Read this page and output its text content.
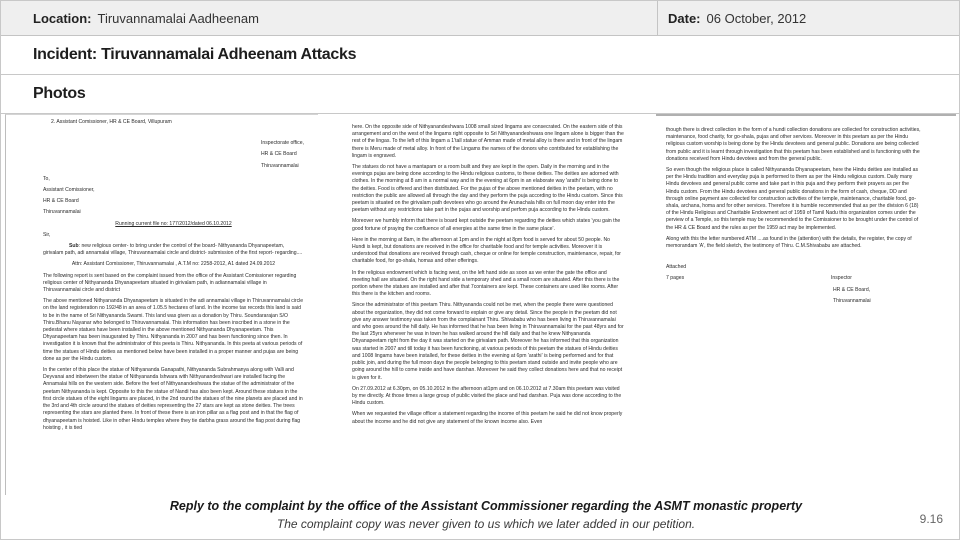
Location: Tiruvannamalai Aadheenam	Date: 06 October, 2012
Incident: Tiruvannamalai Adheenam Attacks
Photos

2. Assistant Comissioner, HR & CE Board, Villupuram

Inspectorate office,

HR & CE Board

Thiruvannamalai

To,

Assistant Comissioner,

HR & CE Board

Thiruvannamalai

Running current file no: 177/2012/dated 06.10.2012

Sir,

Sub: new religious center- to bring under the control of the board- Nithyananda Dhyanapeetam, girivalam path, adi annamalai village, Thiruvannamalai circle and district- submission of the first report- regarding....

Attn: Assistant Comissioner, Thiruvannamalai , A.T.M no: 2258-2012, A1 dated 24.09.2012

The following report is sent based on the complaint issued from the office of the Assistant Comissioner regarding religious center of Nithyananda Dhyanapeetam situated in girivalam path, in adiannamalai village in Thiruvannamalai circle and district

The above mentioned Nithyananda Dhyanapeetam is situated in the adi annamalai village in Thiruvannamalai circle on the land registeration no 192/48 in an area of 1.05.5 hectares of land. In the income tax records this land is said to be in the name of Sri Nithyananda Swami. This land was given as a donation by Thiru. Soundararajan S/O Thiru.Bhanu Nayanar who belonged to Thiruvannamalai. This information has been inscribed in a stone in the pedestal where statues have been installed in the above mentioned Nithyananda Dhyanapeetam. This Dhyanapeetam has been inaugurated by Thiru. Nithyananda in 2007 and has been functioning since then. In investigation it is known that the administrator of this peeta is Thiru. Nithyananda. In this peeta at various periods of time the statues of Hindu deities as mentioned below have been installed in a proper manner and pujas are being done as per the Hindu custom.

In the center of this place the statue of Nithyananda Ganapathi, Nithyananda Subrahmanya along with Valli and Deyvanai and inbetween the statue of Nithyananda Ishwara with Nithyanandeshwari are installed facing the Annamalai hills on the western side. Before the feet of Nithyanandeshwara the statue of the administrator of the peetam Nithyananda is kept. Opposite to this the statue of Nandi has also been kept. Around these statues in the first circle statues of the eight lingams are placed, in the 2nd round the statues of the nine planets are placed and in the 3rd and 4th circle around the statues of deities representing the 27 stars are kept as stone deities. The trees representing the stars are planted there. In front of these there is an iron pillar as a flag post and in that the flag of dhyanapeetam is hoisted. Like in other Hindu temples where they tie darbha grass around the flag post during flag hoisting , it is tied

here. On the opposite side of Nithyanandeshwara 1008 small sized lingams are consecrated. On the eastern side of this arrangement and on the west of the lingams right opposite to Sri Nithyanandeshwara one lingam alone is bigger than the rest of the lingas. To the left of this lingam a 1'tall statue of Amman made of metal alloy is there and in front of the lingam there is Meru made of metal alloy. In front of the Lingams the names of the donors who contributed for establishing the lingam is engraved.

The statues do not have a mantapam or a room built and they are kept in the open. Daily in the morning and in the evenings pujas are being done according to the Hindu religious customs, to these deities. The deities are adorned with clothes. In the morning at 8 am in a normal way and in the evening at 6pm in an elaborate way 'arathi' is being done to the deities. Food is offered and then distributed. For the pujas of the above mentioned deities in the peetam, with no restriction the public are allowed all through the day and they perform the puja according to the Hindu custom. Since this peetam is situated on the girivalam path devotees who go around the Arunachala hills on full moon day enter into the peetam without any restrictions take part in the pujas and worship and perfom puja according to the Hindu custom.

Moreover we humbly inform that there is board kept outside the peetam regarding the deities which states 'you gain the good fortune of praying the confluence of all energies at the same time in the same place'.

Here in the morning at 8am, in the afternoon at 1pm and in the night at 8pm food is served for about 50 people. No Hundi is kept, but donations are received in the office for charitable food and for temple activities. Moreover it is understood that donations are received through cash, cheque or online for temple construction, maintenance, repair, for charitable food, for go-shala, homas and other offerings.

In the religious endowment which is facing west, on the left hand side as soon as we enter the gate the office and meeting hall are situated. On the right hand side a temporary shed and a small room are situated. After this there is the portion where the statues are installed and after that 7containers are kept. These containers are used like rooms. After this there is the kitchen and rooms.

Since the administrator of this peetam Thiru. Nithyananda could not be met, when the people there were questioned about the organization, they did not come forward to explain or give any detail. Since the people in the peetam did not give any answer testimony was taken from the complainant Thiru. Shivababu who has been living in Thiruvannamalai and who goes around the hill daily. He has informed that he has been living in Thiruvannamalai for the past 48yrs and for the last 25yrs whenever he was in town he has walked around the hill daily and that he knew Nithyananda Dhyanapeetam right from the day it was started on the girivalam path. Moreover he has informed that this organization was started in 2007 and till today it has been functioning, at various periods of this peetam the statues of Hindu deities and 1008 lingams have been installed, for these deities in the evening at 6pm 'arathi' is being performed and for that public join, and during the full moon days the people belonging to this peetam stand outside and invite people who are going around the hill to come inside and have darshan. Moreover he said they collect donations here and that no receipt is given for it.

On 27.09.2012 at 6.30pm, on 05.10.2012 in the afternoon at1pm and on 06.10.2012 at 7.30am this peetam was visited by me directly. At those times a large group of public visited the place and had darshan. Puja was done according to the Hindu custom.

When we requested the village officer a statement regarding the income of this peetam he said he did not know properly about the income and he did not give any statement of the known income also. Even

though there is direct collection in the form of a hundi collection donations are collected for construction activities, maintenance, food charity, for go-shala, pujas and other services. Moreover in this peetam as per the Hindu religious custom worship is being done by the Hindu devotees and general public. Donations are being collected from public and it is learnt through investigation that this peetam has been established and is functioning with the donations received from Hindu devotees and from the general public.

So even though the religious place is called Nithyananda Dhyanapeetam, here the Hindu deities are installed as per the Hindu tradition and everyday puja is performed to them as per the Hindu religious custom. Daily many Hindu devotees and general public come and take part in this puja and they perform their prayers as per the Hindu custom. From the Hindu devotees and general public donations in the form of cash, cheque, DD and through online payment are collected for construction activities of the temple, maintenance, charitable food, go-shala, archana, homa and for other services. Therefore it is humble recommended that as per the division 6 (18) of the Hindu Religious and Charitable Endowment act of 1959 of Tamil Nadu this organization comes under the perview of a Temple, so this temple may be recommended to the Comissioner to be brought under the control of the HR & CE Board and the rules as per the 1959 act may be implemented.

Along with this the letter numbered ATM ....as found in the (attention) with the details, the register, the copy of memorandam 'A', the field sketch, the testimony of Thiru. C.M.Shivababu are attached.

Attached

7 pages	Inspector

HR & CE Board,

Thiruvannamalai

Reply to the complaint by the office of the Assistant Commissioner regarding the ASMT monastic property
The complaint copy was never given to us which we later added in our petition.	9.16
